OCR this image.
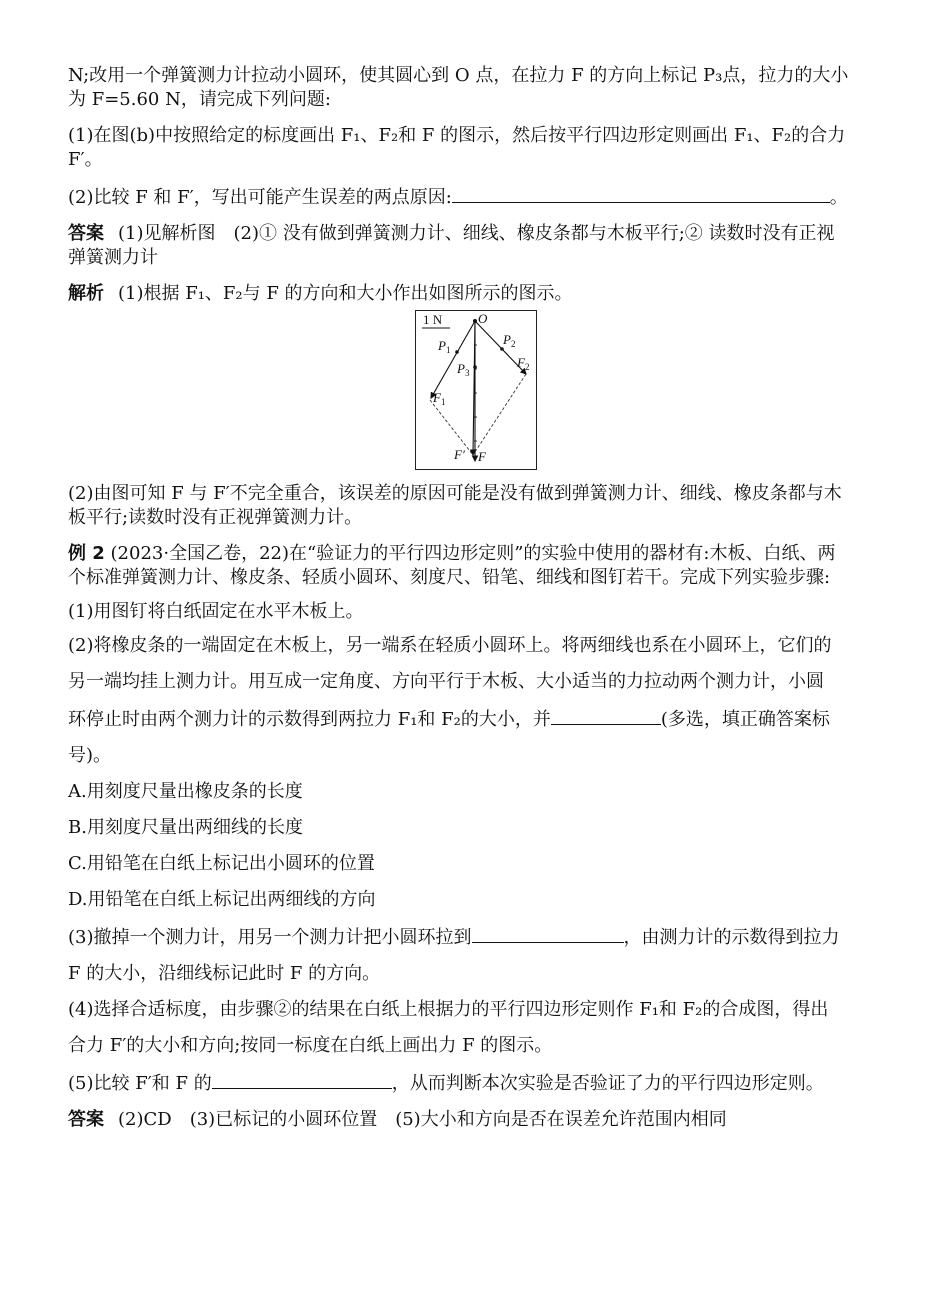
N;改用一个弹簧测力计拉动小圆环，使其圆心到 O 点，在拉力 F 的方向上标记 P₃点，拉力的大小

为 F=5.60 N，请完成下列问题:

(1)在图(b)中按照给定的标度画出 F₁、F₂和 F 的图示，然后按平行四边形定则画出 F₁、F₂的合力

F′。

(2)比较 F 和 F′，写出可能产生误差的两点原因:	。

答案 (1)见解析图　(2)① 没有做到弹簧测力计、细线、橡皮条都与木板平行;② 读数时没有正视

弹簧测力计

解析 (1)根据 F₁、F₂与 F 的方向和大小作出如图所示的图示。

1 N	O
P 1
P 2
P 3
F 2
F 1
F′ F

(2)由图可知 F 与 F′不完全重合，该误差的原因可能是没有做到弹簧测力计、细线、橡皮条都与木

板平行;读数时没有正视弹簧测力计。

例 2 (2023·全国乙卷，22)在“验证力的平行四边形定则”的实验中使用的器材有:木板、白纸、两

个标准弹簧测力计、橡皮条、轻质小圆环、刻度尺、铅笔、细线和图钉若干。完成下列实验步骤:

(1)用图钉将白纸固定在水平木板上。

(2)将橡皮条的一端固定在木板上，另一端系在轻质小圆环上。将两细线也系在小圆环上，它们的

另一端均挂上测力计。用互成一定角度、方向平行于木板、大小适当的力拉动两个测力计，小圆

环停止时由两个测力计的示数得到两拉力 F₁和 F₂的大小，并	(多选，填正确答案标

号)。

A.用刻度尺量出橡皮条的长度

B.用刻度尺量出两细线的长度

C.用铅笔在白纸上标记出小圆环的位置

D.用铅笔在白纸上标记出两细线的方向

(3)撤掉一个测力计，用另一个测力计把小圆环拉到	，由测力计的示数得到拉力

F 的大小，沿细线标记此时 F 的方向。

(4)选择合适标度，由步骤②的结果在白纸上根据力的平行四边形定则作 F₁和 F₂的合成图，得出

合力 F′的大小和方向;按同一标度在白纸上画出力 F 的图示。

(5)比较 F′和 F 的	，从而判断本次实验是否验证了力的平行四边形定则。

答案 (2)CD　(3)已标记的小圆环位置　(5)大小和方向是否在误差允许范围内相同
